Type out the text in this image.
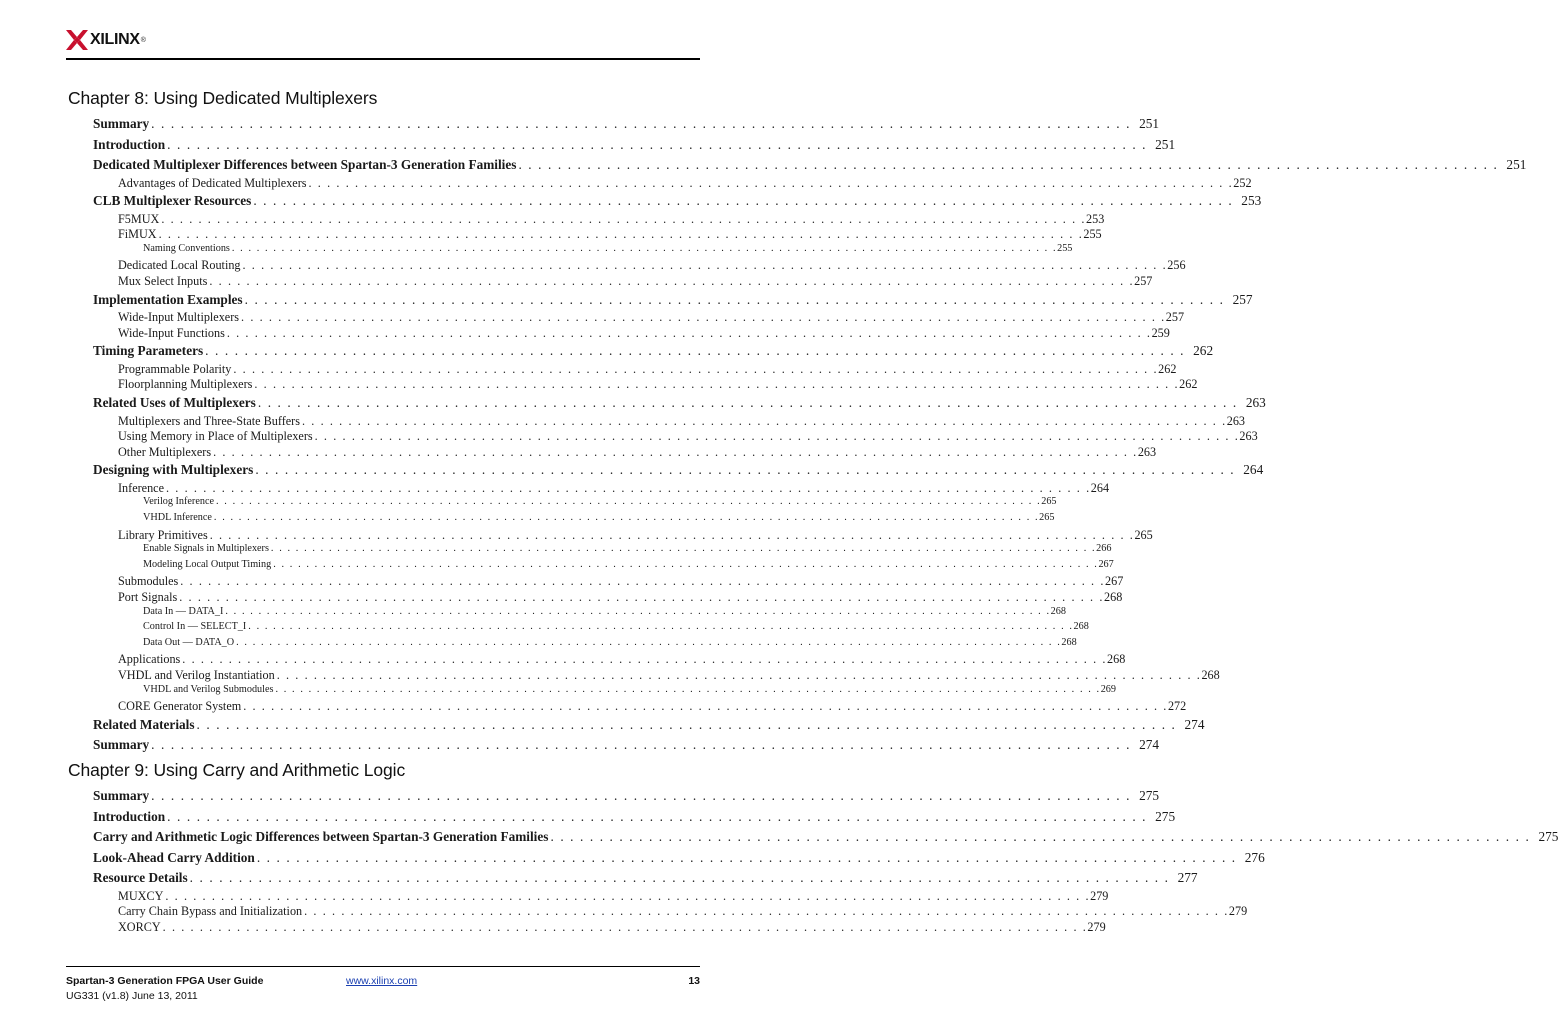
XILINX ®
Chapter 8: Using Dedicated Multiplexers
Summary . . . . . . . . . . . . . . . . . . . . . . . . . . . . . . . . . . . . . . . . . . . . . . . . . . . . . . . . . . . . . . . . . . . . . . . . . . . . . . . . . . . . . . . . . . . . . . . . . . . . 251
Introduction . . . . . . . . . . . . . . . . . . . . . . . . . . . . . . . . . . . . . . . . . . . . . . . . . . . . . . . . . . . . . . . . . . . . . . . . . . . . . . . . . . . . . . . . . . . . . . . . . . . . 251
Dedicated Multiplexer Differences between Spartan-3 Generation Families . . . . . . . . . . . . . . . . . . . . . . . . . . . . . . . . . . . . . . . . . . . . . . . . . . . . . . . . . . . . . . . . . . . . . . . . . . . . . . . . . . . . . . . . . . . . . . . . . . . . 251
Advantages of Dedicated Multiplexers . . . . . . . . . . . . . . . . . . . . . . . . . . . . . . . . . . . . . . . . . . . . . . . . . . . . . . . . . . . . . . . . . . . . . . . . . . . . . . . . . . . . . . . . . . . . . . . . . . . . 252
CLB Multiplexer Resources . . . . . . . . . . . . . . . . . . . . . . . . . . . . . . . . . . . . . . . . . . . . . . . . . . . . . . . . . . . . . . . . . . . . . . . . . . . . . . . . . . . . . . . . . . . . . . . . . . . . 253
F5MUX . . . . . . . . . . . . . . . . . . . . . . . . . . . . . . . . . . . . . . . . . . . . . . . . . . . . . . . . . . . . . . . . . . . . . . . . . . . . . . . . . . . . . . . . . . . . . . . . . . . . 253
FiMUX . . . . . . . . . . . . . . . . . . . . . . . . . . . . . . . . . . . . . . . . . . . . . . . . . . . . . . . . . . . . . . . . . . . . . . . . . . . . . . . . . . . . . . . . . . . . . . . . . . . . 255
Naming Conventions . . . . . . . . . . . . . . . . . . . . . . . . . . . . . . . . . . . . . . . . . . . . . . . . . . . . . . . . . . . . . . . . . . . . . . . . . . . . . . . . . . . . . . . . . . . . . . . . . . . . 255
Dedicated Local Routing . . . . . . . . . . . . . . . . . . . . . . . . . . . . . . . . . . . . . . . . . . . . . . . . . . . . . . . . . . . . . . . . . . . . . . . . . . . . . . . . . . . . . . . . . . . . . . . . . . . . 256
Mux Select Inputs . . . . . . . . . . . . . . . . . . . . . . . . . . . . . . . . . . . . . . . . . . . . . . . . . . . . . . . . . . . . . . . . . . . . . . . . . . . . . . . . . . . . . . . . . . . . . . . . . . . . 257
Implementation Examples . . . . . . . . . . . . . . . . . . . . . . . . . . . . . . . . . . . . . . . . . . . . . . . . . . . . . . . . . . . . . . . . . . . . . . . . . . . . . . . . . . . . . . . . . . . . . . . . . . . . 257
Wide-Input Multiplexers . . . . . . . . . . . . . . . . . . . . . . . . . . . . . . . . . . . . . . . . . . . . . . . . . . . . . . . . . . . . . . . . . . . . . . . . . . . . . . . . . . . . . . . . . . . . . . . . . . . . 257
Wide-Input Functions . . . . . . . . . . . . . . . . . . . . . . . . . . . . . . . . . . . . . . . . . . . . . . . . . . . . . . . . . . . . . . . . . . . . . . . . . . . . . . . . . . . . . . . . . . . . . . . . . . . . 259
Timing Parameters . . . . . . . . . . . . . . . . . . . . . . . . . . . . . . . . . . . . . . . . . . . . . . . . . . . . . . . . . . . . . . . . . . . . . . . . . . . . . . . . . . . . . . . . . . . . . . . . . . . . 262
Programmable Polarity . . . . . . . . . . . . . . . . . . . . . . . . . . . . . . . . . . . . . . . . . . . . . . . . . . . . . . . . . . . . . . . . . . . . . . . . . . . . . . . . . . . . . . . . . . . . . . . . . . . . 262
Floorplanning Multiplexers . . . . . . . . . . . . . . . . . . . . . . . . . . . . . . . . . . . . . . . . . . . . . . . . . . . . . . . . . . . . . . . . . . . . . . . . . . . . . . . . . . . . . . . . . . . . . . . . . . . . 262
Related Uses of Multiplexers . . . . . . . . . . . . . . . . . . . . . . . . . . . . . . . . . . . . . . . . . . . . . . . . . . . . . . . . . . . . . . . . . . . . . . . . . . . . . . . . . . . . . . . . . . . . . . . . . . . . 263
Multiplexers and Three-State Buffers . . . . . . . . . . . . . . . . . . . . . . . . . . . . . . . . . . . . . . . . . . . . . . . . . . . . . . . . . . . . . . . . . . . . . . . . . . . . . . . . . . . . . . . . . . . . . . . . . . . . 263
Using Memory in Place of Multiplexers . . . . . . . . . . . . . . . . . . . . . . . . . . . . . . . . . . . . . . . . . . . . . . . . . . . . . . . . . . . . . . . . . . . . . . . . . . . . . . . . . . . . . . . . . . . . . . . . . . . . 263
Other Multiplexers . . . . . . . . . . . . . . . . . . . . . . . . . . . . . . . . . . . . . . . . . . . . . . . . . . . . . . . . . . . . . . . . . . . . . . . . . . . . . . . . . . . . . . . . . . . . . . . . . . . . 263
Designing with Multiplexers . . . . . . . . . . . . . . . . . . . . . . . . . . . . . . . . . . . . . . . . . . . . . . . . . . . . . . . . . . . . . . . . . . . . . . . . . . . . . . . . . . . . . . . . . . . . . . . . . . . . 264
Inference . . . . . . . . . . . . . . . . . . . . . . . . . . . . . . . . . . . . . . . . . . . . . . . . . . . . . . . . . . . . . . . . . . . . . . . . . . . . . . . . . . . . . . . . . . . . . . . . . . . . 264
Verilog Inference . . . . . . . . . . . . . . . . . . . . . . . . . . . . . . . . . . . . . . . . . . . . . . . . . . . . . . . . . . . . . . . . . . . . . . . . . . . . . . . . . . . . . . . . . . . . . . . . . . . . 265
VHDL Inference . . . . . . . . . . . . . . . . . . . . . . . . . . . . . . . . . . . . . . . . . . . . . . . . . . . . . . . . . . . . . . . . . . . . . . . . . . . . . . . . . . . . . . . . . . . . . . . . . . . . 265
Library Primitives . . . . . . . . . . . . . . . . . . . . . . . . . . . . . . . . . . . . . . . . . . . . . . . . . . . . . . . . . . . . . . . . . . . . . . . . . . . . . . . . . . . . . . . . . . . . . . . . . . . . 265
Enable Signals in Multiplexers . . . . . . . . . . . . . . . . . . . . . . . . . . . . . . . . . . . . . . . . . . . . . . . . . . . . . . . . . . . . . . . . . . . . . . . . . . . . . . . . . . . . . . . . . . . . . . . . . . . . 266
Modeling Local Output Timing . . . . . . . . . . . . . . . . . . . . . . . . . . . . . . . . . . . . . . . . . . . . . . . . . . . . . . . . . . . . . . . . . . . . . . . . . . . . . . . . . . . . . . . . . . . . . . . . . . . . 267
Submodules . . . . . . . . . . . . . . . . . . . . . . . . . . . . . . . . . . . . . . . . . . . . . . . . . . . . . . . . . . . . . . . . . . . . . . . . . . . . . . . . . . . . . . . . . . . . . . . . . . . . 267
Port Signals . . . . . . . . . . . . . . . . . . . . . . . . . . . . . . . . . . . . . . . . . . . . . . . . . . . . . . . . . . . . . . . . . . . . . . . . . . . . . . . . . . . . . . . . . . . . . . . . . . . . 268
Data In — DATA_I . . . . . . . . . . . . . . . . . . . . . . . . . . . . . . . . . . . . . . . . . . . . . . . . . . . . . . . . . . . . . . . . . . . . . . . . . . . . . . . . . . . . . . . . . . . . . . . . . . . . 268
Control In — SELECT_I . . . . . . . . . . . . . . . . . . . . . . . . . . . . . . . . . . . . . . . . . . . . . . . . . . . . . . . . . . . . . . . . . . . . . . . . . . . . . . . . . . . . . . . . . . . . . . . . . . . . 268
Data Out — DATA_O . . . . . . . . . . . . . . . . . . . . . . . . . . . . . . . . . . . . . . . . . . . . . . . . . . . . . . . . . . . . . . . . . . . . . . . . . . . . . . . . . . . . . . . . . . . . . . . . . . . . 268
Applications . . . . . . . . . . . . . . . . . . . . . . . . . . . . . . . . . . . . . . . . . . . . . . . . . . . . . . . . . . . . . . . . . . . . . . . . . . . . . . . . . . . . . . . . . . . . . . . . . . . . 268
VHDL and Verilog Instantiation . . . . . . . . . . . . . . . . . . . . . . . . . . . . . . . . . . . . . . . . . . . . . . . . . . . . . . . . . . . . . . . . . . . . . . . . . . . . . . . . . . . . . . . . . . . . . . . . . . . . 268
VHDL and Verilog Submodules . . . . . . . . . . . . . . . . . . . . . . . . . . . . . . . . . . . . . . . . . . . . . . . . . . . . . . . . . . . . . . . . . . . . . . . . . . . . . . . . . . . . . . . . . . . . . . . . . . . . 269
CORE Generator System . . . . . . . . . . . . . . . . . . . . . . . . . . . . . . . . . . . . . . . . . . . . . . . . . . . . . . . . . . . . . . . . . . . . . . . . . . . . . . . . . . . . . . . . . . . . . . . . . . . . 272
Related Materials . . . . . . . . . . . . . . . . . . . . . . . . . . . . . . . . . . . . . . . . . . . . . . . . . . . . . . . . . . . . . . . . . . . . . . . . . . . . . . . . . . . . . . . . . . . . . . . . . . . . 274
Summary . . . . . . . . . . . . . . . . . . . . . . . . . . . . . . . . . . . . . . . . . . . . . . . . . . . . . . . . . . . . . . . . . . . . . . . . . . . . . . . . . . . . . . . . . . . . . . . . . . . . 274
Chapter 9: Using Carry and Arithmetic Logic
Summary . . . . . . . . . . . . . . . . . . . . . . . . . . . . . . . . . . . . . . . . . . . . . . . . . . . . . . . . . . . . . . . . . . . . . . . . . . . . . . . . . . . . . . . . . . . . . . . . . . . . 275
Introduction . . . . . . . . . . . . . . . . . . . . . . . . . . . . . . . . . . . . . . . . . . . . . . . . . . . . . . . . . . . . . . . . . . . . . . . . . . . . . . . . . . . . . . . . . . . . . . . . . . . . 275
Carry and Arithmetic Logic Differences between Spartan-3 Generation Families . . . . . . . . . . . . . . . . . . . . . . . . . . . . . . . . . . . . . . . . . . . . . . . . . . . . . . . . . . . . . . . . . . . . . . . . . . . . . . . . . . . . . . . . . . . . . . . . . . . . 275
Look-Ahead Carry Addition . . . . . . . . . . . . . . . . . . . . . . . . . . . . . . . . . . . . . . . . . . . . . . . . . . . . . . . . . . . . . . . . . . . . . . . . . . . . . . . . . . . . . . . . . . . . . . . . . . . . 276
Resource Details . . . . . . . . . . . . . . . . . . . . . . . . . . . . . . . . . . . . . . . . . . . . . . . . . . . . . . . . . . . . . . . . . . . . . . . . . . . . . . . . . . . . . . . . . . . . . . . . . . . . 277
MUXCY . . . . . . . . . . . . . . . . . . . . . . . . . . . . . . . . . . . . . . . . . . . . . . . . . . . . . . . . . . . . . . . . . . . . . . . . . . . . . . . . . . . . . . . . . . . . . . . . . . . . 279
Carry Chain Bypass and Initialization . . . . . . . . . . . . . . . . . . . . . . . . . . . . . . . . . . . . . . . . . . . . . . . . . . . . . . . . . . . . . . . . . . . . . . . . . . . . . . . . . . . . . . . . . . . . . . . . . . . . 279
XORCY . . . . . . . . . . . . . . . . . . . . . . . . . . . . . . . . . . . . . . . . . . . . . . . . . . . . . . . . . . . . . . . . . . . . . . . . . . . . . . . . . . . . . . . . . . . . . . . . . . . . 279
Spartan-3 Generation FPGA User Guide
UG331 (v1.8) June 13, 2011
www.xilinx.com	13
